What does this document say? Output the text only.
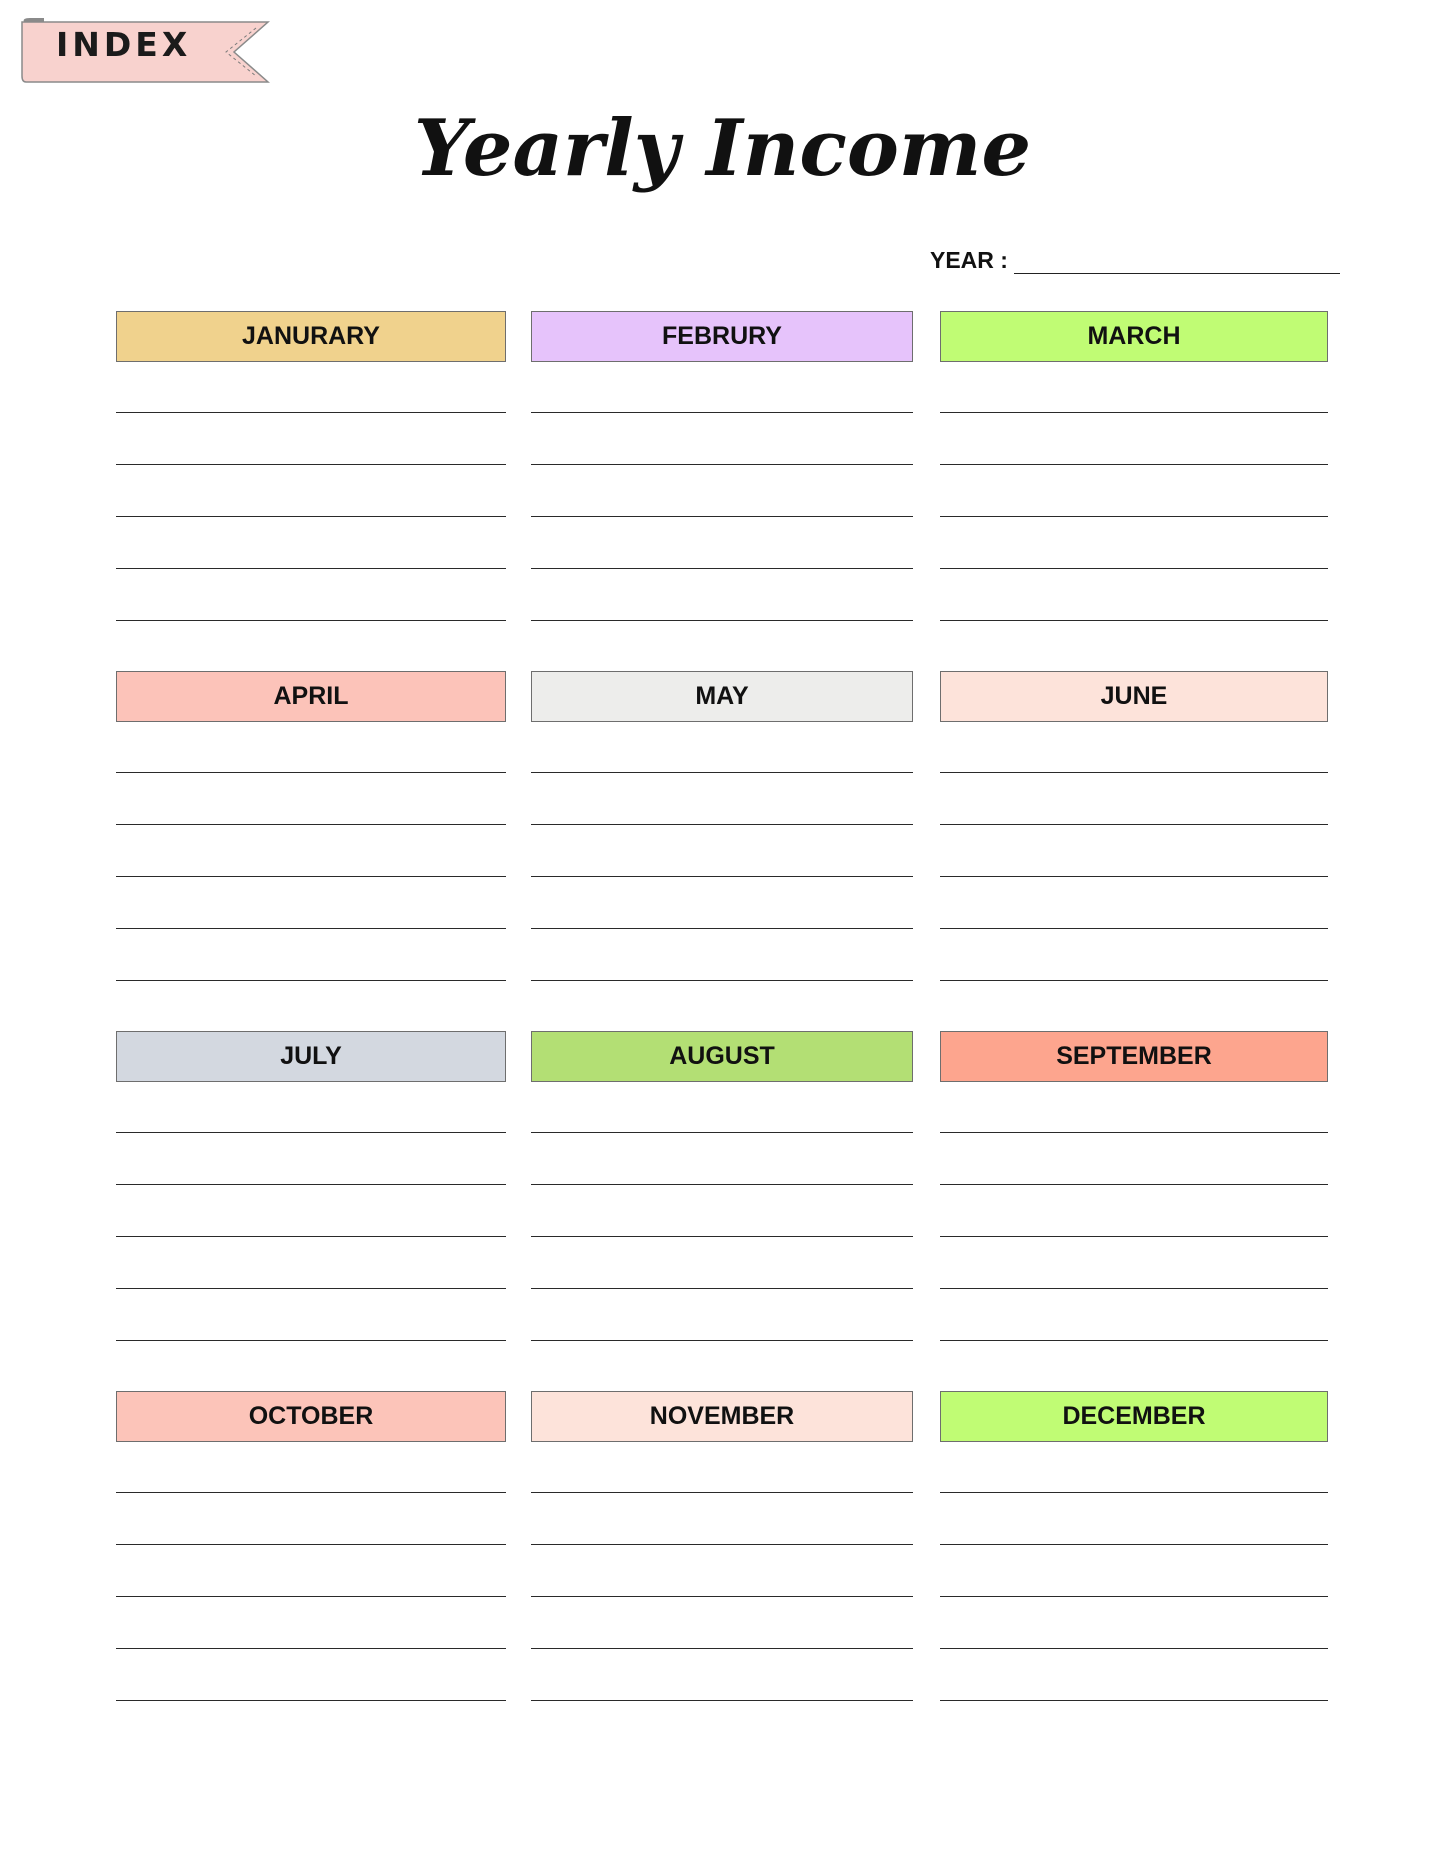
INDEX
Yearly Income
YEAR :
JANURARY	FEBRURY	MARCH
APRIL	MAY	JUNE
JULY	AUGUST	SEPTEMBER
OCTOBER	NOVEMBER	DECEMBER
